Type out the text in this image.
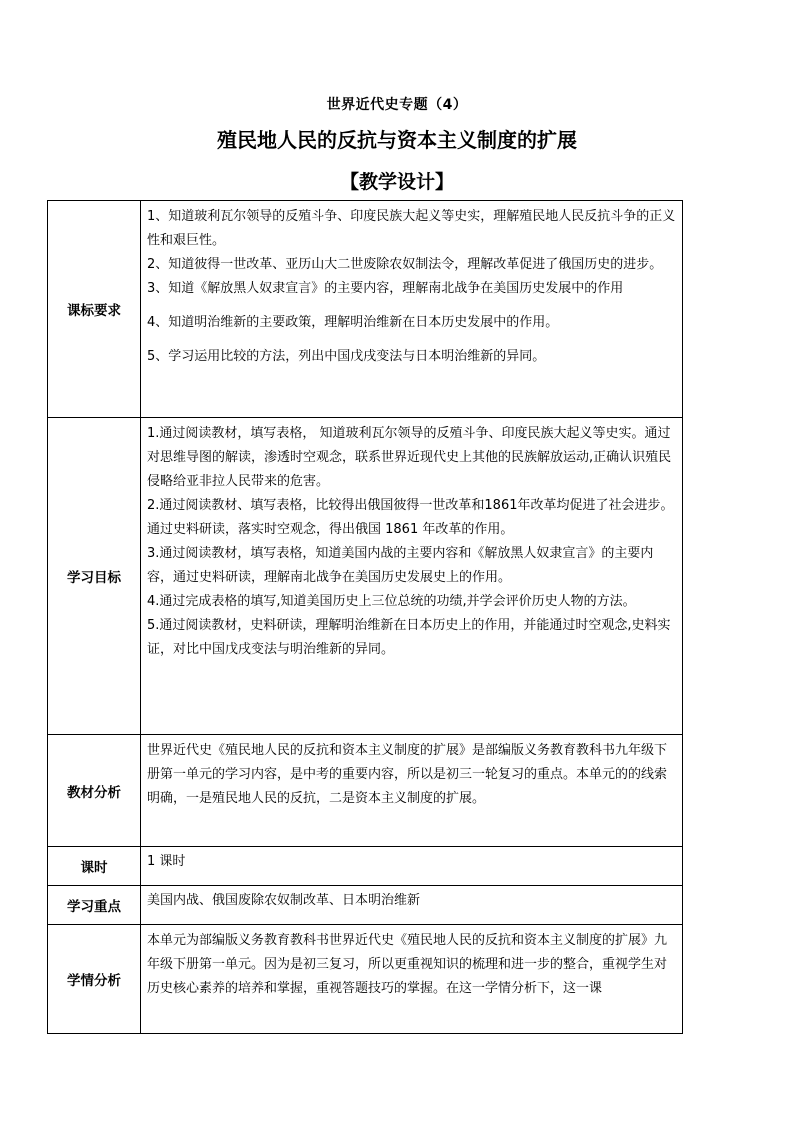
世界近代史专题（4）
殖民地人民的反抗与资本主义制度的扩展
【教学设计】
课标要求	1、知道玻利瓦尔领导的反殖斗争、印度民族大起义等史实，理解殖民地人民反抗斗争的正义性和艰巨性。

2、知道彼得一世改革、亚历山大二世废除农奴制法令，理解改革促进了俄国历史的进步。

3、知道《解放黑人奴隶宣言》的主要内容，理解南北战争在美国历史发展中的作用

4、知道明治维新的主要政策，理解明治维新在日本历史发展中的作用。

5、学习运用比较的方法，列出中国戊戌变法与日本明治维新的异同。

学习目标	1.通过阅读教材，填写表格， 知道玻利瓦尔领导的反殖斗争、印度民族大起义等史实。通过对思维导图的解读，渗透时空观念，联系世界近现代史上其他的民族解放运动,正确认识殖民侵略给亚非拉人民带来的危害。

2.通过阅读教材、填写表格，比较得出俄国彼得一世改革和1861年改革均促进了社会进步。通过史料研读，落实时空观念，得出俄国 1861 年改革的作用。

3.通过阅读教材，填写表格，知道美国内战的主要内容和《解放黑人奴隶宣言》的主要内容，通过史料研读，理解南北战争在美国历史发展史上的作用。

4.通过完成表格的填写,知道美国历史上三位总统的功绩,并学会评价历史人物的方法。

5.通过阅读教材，史料研读，理解明治维新在日本历史上的作用，并能通过时空观念,史料实证，对比中国戊戌变法与明治维新的异同。

教材分析	世界近代史《殖民地人民的反抗和资本主义制度的扩展》是部编版义务教育教科书九年级下册第一单元的学习内容，是中考的重要内容，所以是初三一轮复习的重点。本单元的的线索明确，一是殖民地人民的反抗，二是资本主义制度的扩展。
课时	1 课时
学习重点	美国内战、俄国废除农奴制改革、日本明治维新
学情分析	本单元为部编版义务教育教科书世界近代史《殖民地人民的反抗和资本主义制度的扩展》九年级下册第一单元。因为是初三复习，所以更重视知识的梳理和进一步的整合，重视学生对历史核心素养的培养和掌握，重视答题技巧的掌握。在这一学情分析下，这一课
